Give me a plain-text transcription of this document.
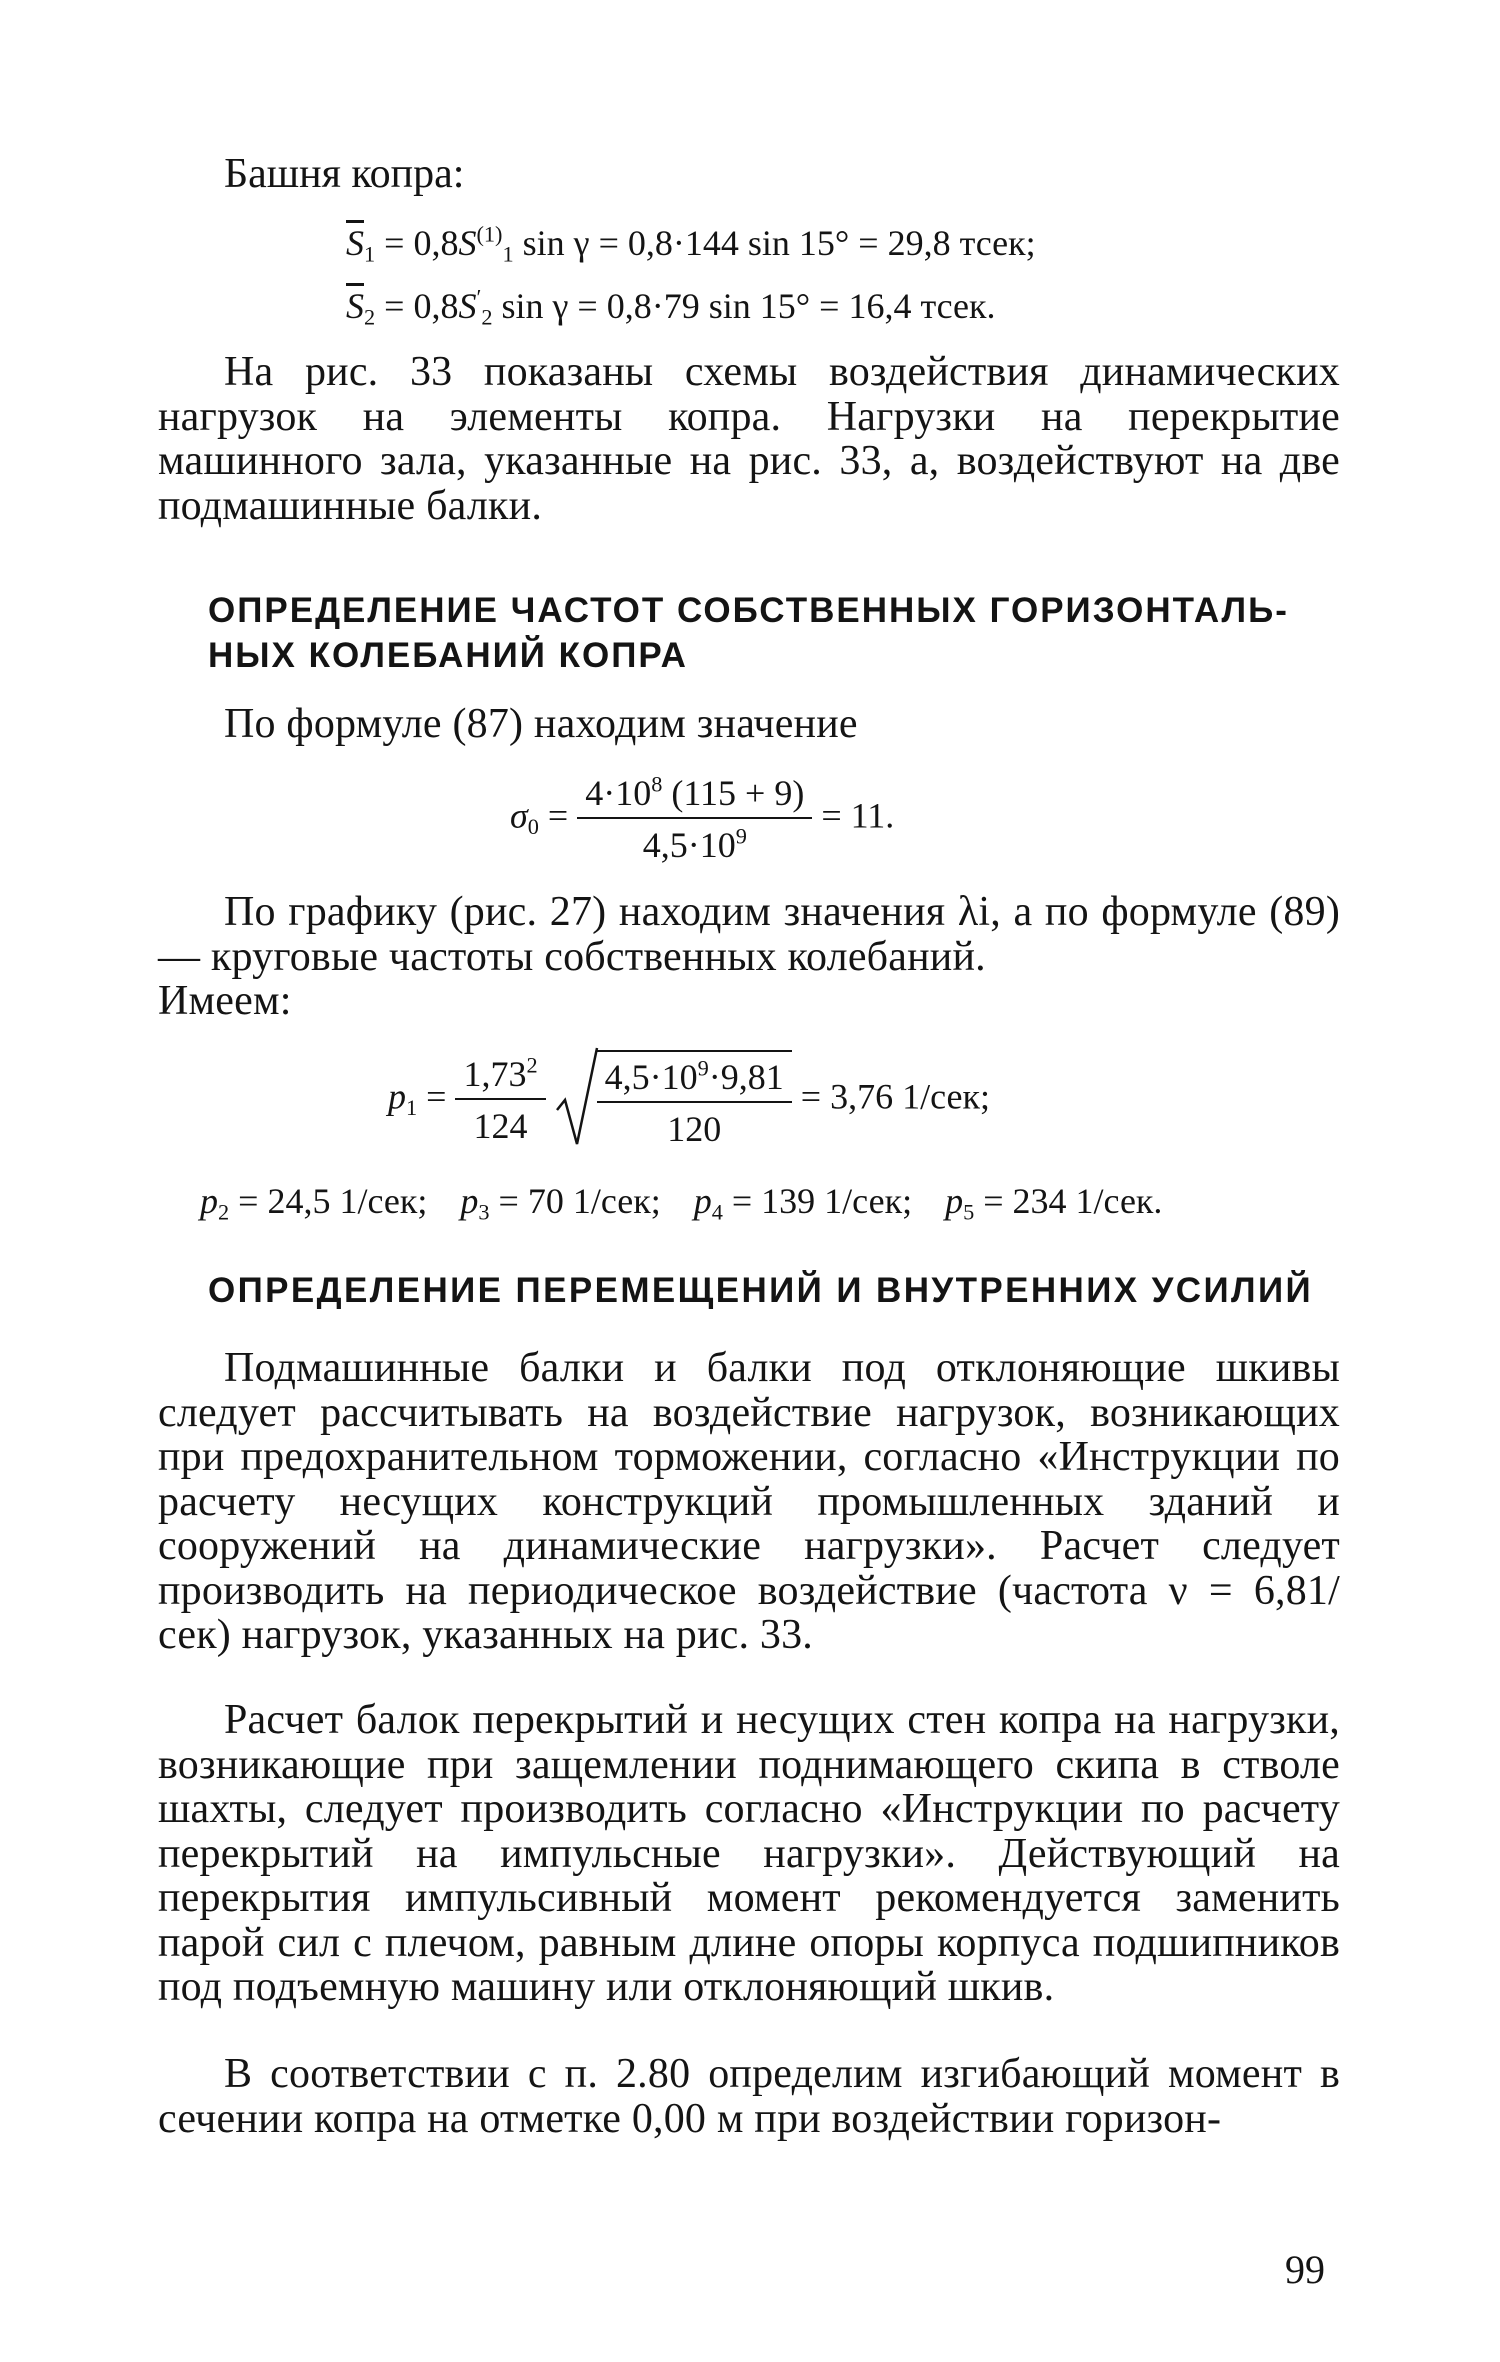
Башня копра:
$\overline{S}_1 = 0,8S^{(1)}_1$ sin γ = 0,8·144 sin 15° = 29,8 тсек;
$\overline{S}_2 = 0,8S'_2$ sin γ = 0,8·79 sin 15° = 16,4 тсек.

На рис. 33 показаны схемы воздействия динамических нагрузок на элементы копра. Нагрузки на перекрытие машинного зала, указанные на рис. 33, а, воздействуют на две подмашинные балки.

ОПРЕДЕЛЕНИЕ ЧАСТОТ СОБСТВЕННЫХ ГОРИЗОНТАЛЬ-
НЫХ КОЛЕБАНИЙ КОПРА

По формуле (87) находим значение

$\sigma_0 = \frac{4\cdot 10^8 (115 + 9)}{4,5\cdot 10^9} = 11$.

По графику (рис. 27) находим значения λi, а по формуле (89) — круговые частоты собственных колебаний.
Имеем:

$p_1 = \frac{1,73^2}{124}$
$\frac{4,5\cdot 10^9\cdot 9,81}{120} = 3,76$ 1/сек;
$p_2 = 24,5$ 1/сек; $p_3 = 70$ 1/сек; $p_4 = 139$ 1/сек; $p_5 = 234$ 1/сек.
ОПРЕДЕЛЕНИЕ ПЕРЕМЕЩЕНИЙ И ВНУТРЕННИХ УСИЛИЙ

Подмашинные балки и балки под отклоняющие шкивы следует рассчитывать на воздействие нагрузок, возникающих при предохранительном торможении, согласно «Инструкции по расчету несущих конструкций промышленных зданий и сооружений на динамические нагрузки». Расчет следует производить на периодическое воздействие (частота ν = 6,81/сек) нагрузок, указанных на рис. 33.

Расчет балок перекрытий и несущих стен копра на нагрузки, возникающие при защемлении поднимающего скипа в стволе шахты, следует производить согласно «Инструкции по расчету перекрытий на импульсные нагрузки». Действующий на перекрытия импульсивный момент рекомендуется заменить парой сил с плечом, равным длине опоры корпуса подшипников под подъемную машину или отклоняющий шкив.

В соответствии с п. 2.80 определим изгибающий момент в сечении копра на отметке 0,00 м при воздействии горизон-

99
